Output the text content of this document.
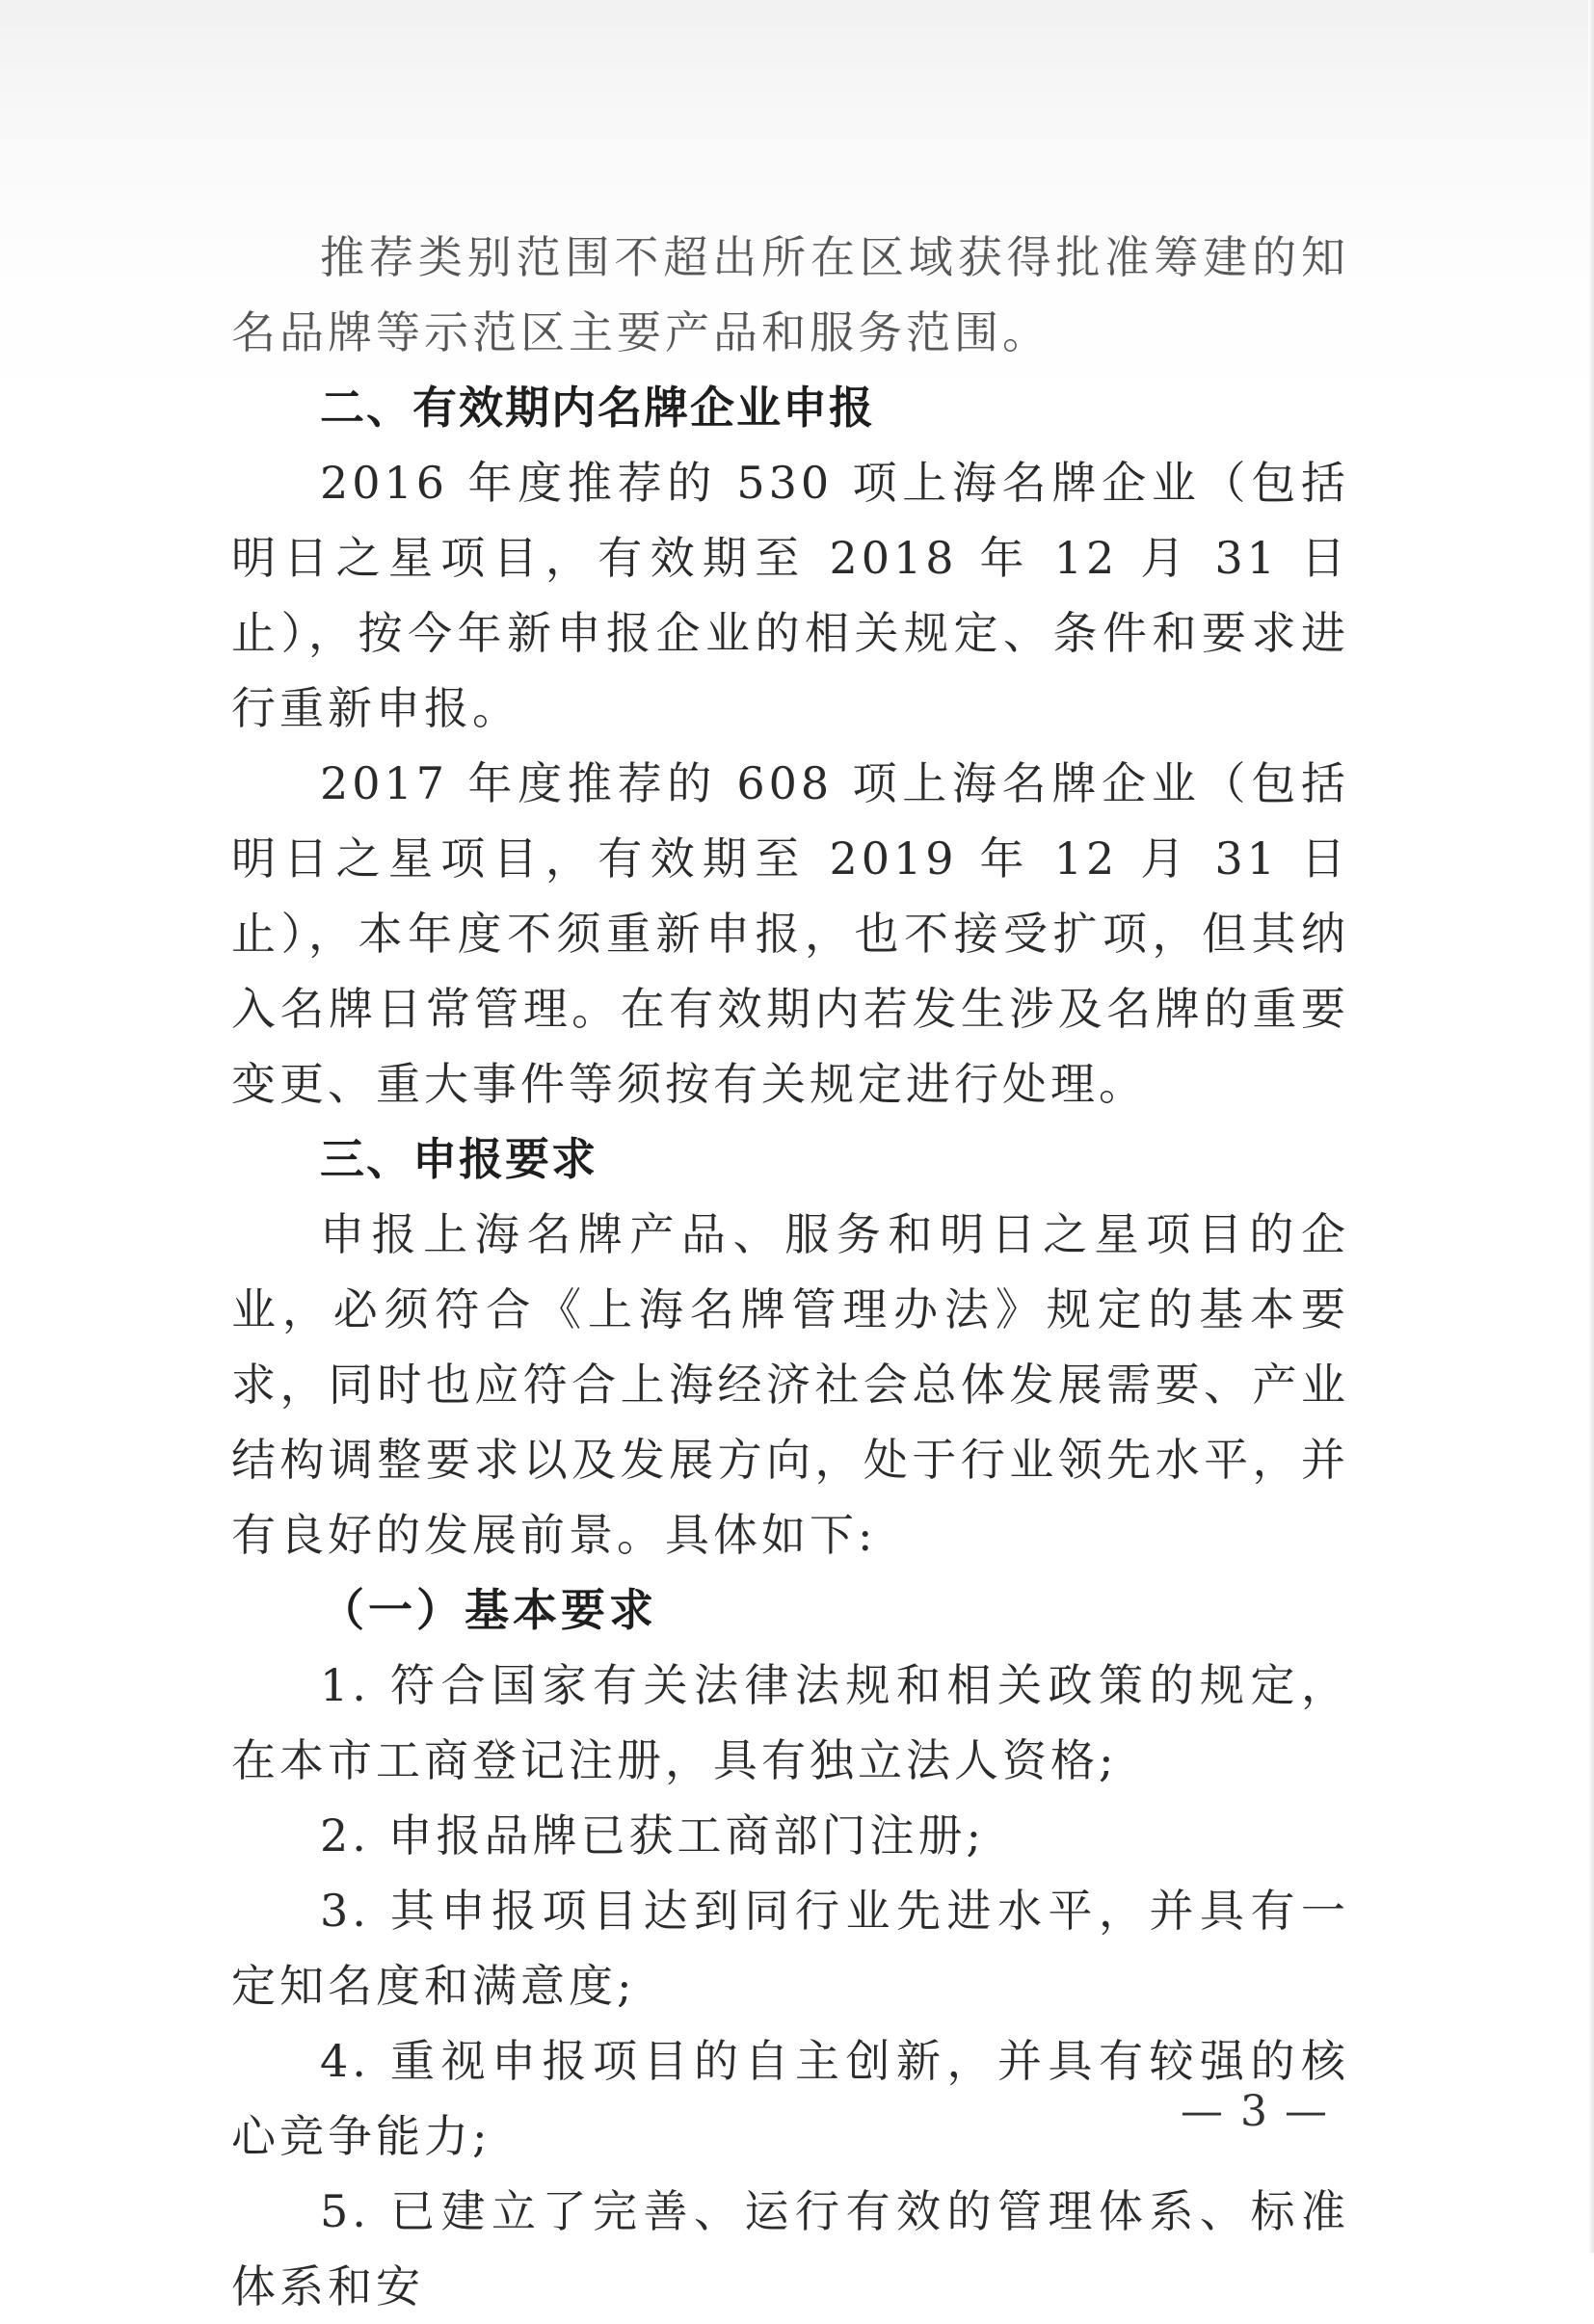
推荐类别范围不超出所在区域获得批准筹建的知名品牌等示范区主要产品和服务范围。

二、有效期内名牌企业申报

2016 年度推荐的 530 项上海名牌企业（包括明日之星项目，有效期至 2018 年 12 月 31 日止），按今年新申报企业的相关规定、条件和要求进行重新申报。

2017 年度推荐的 608 项上海名牌企业（包括明日之星项目，有效期至 2019 年 12 月 31 日止），本年度不须重新申报，也不接受扩项，但其纳入名牌日常管理。在有效期内若发生涉及名牌的重要变更、重大事件等须按有关规定进行处理。

三、申报要求

申报上海名牌产品、服务和明日之星项目的企业，必须符合《上海名牌管理办法》规定的基本要求，同时也应符合上海经济社会总体发展需要、产业结构调整要求以及发展方向，处于行业领先水平，并有良好的发展前景。具体如下:

（一）基本要求

1. 符合国家有关法律法规和相关政策的规定，在本市工商登记注册，具有独立法人资格;

2. 申报品牌已获工商部门注册;

3. 其申报项目达到同行业先进水平，并具有一定知名度和满意度;

4. 重视申报项目的自主创新，并具有较强的核心竞争能力;

5. 已建立了完善、运行有效的管理体系、标准体系和安

— 3 —
